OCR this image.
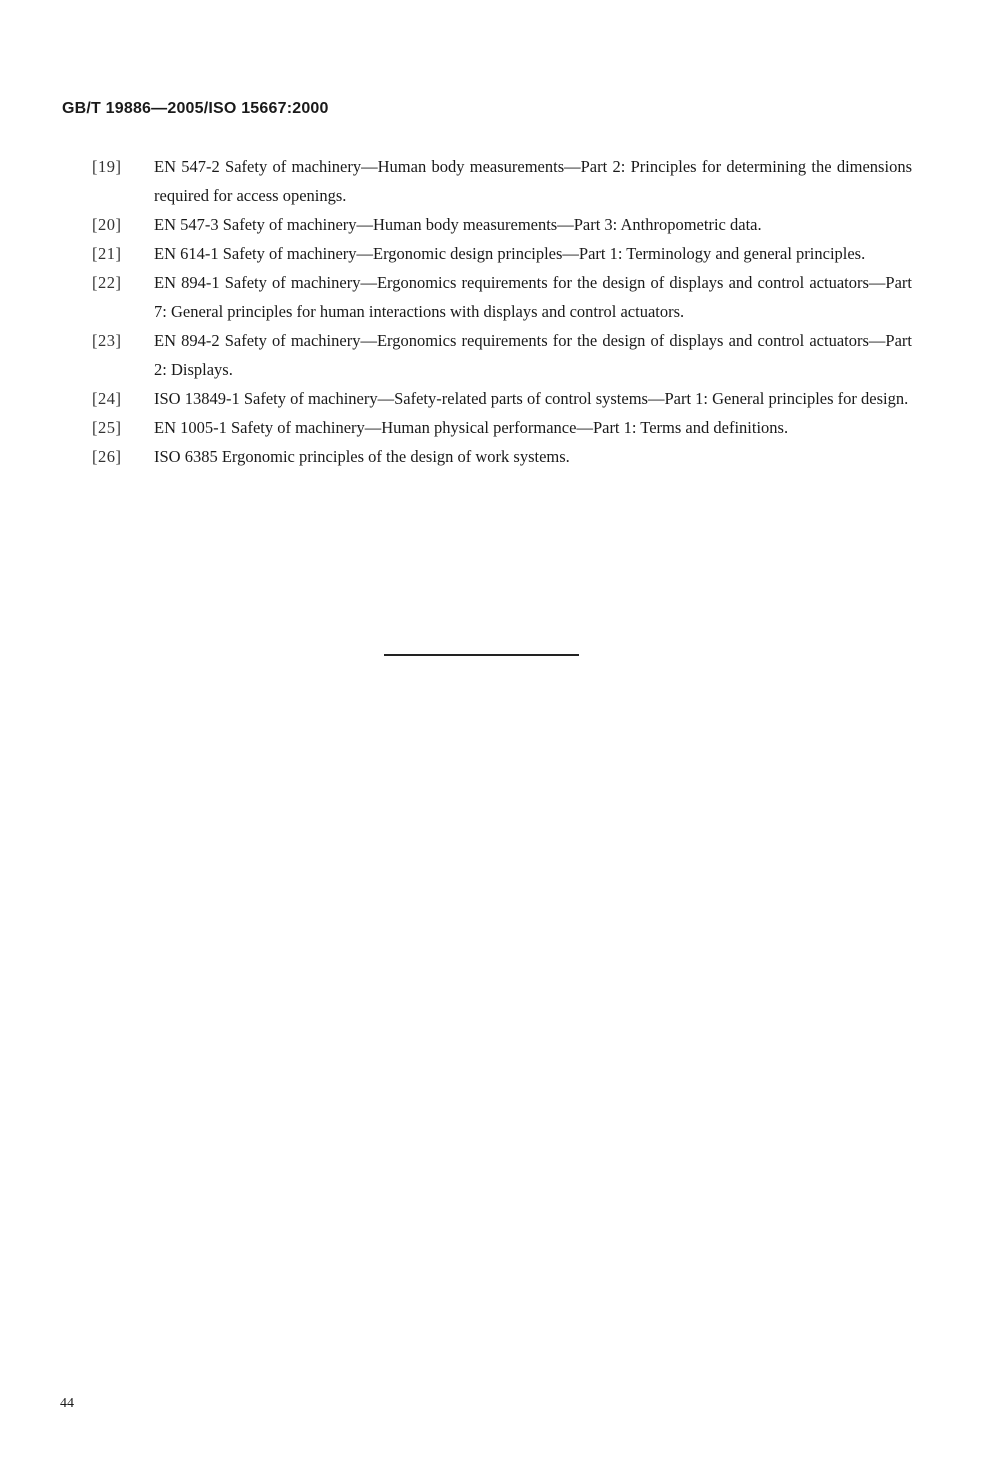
GB/T 19886—2005/ISO 15667:2000
[19] EN 547-2 Safety of machinery—Human body measurements—Part 2: Principles for determining the dimensions required for access openings.
[20] EN 547-3 Safety of machinery—Human body measurements—Part 3: Anthropometric data.
[21] EN 614-1 Safety of machinery—Ergonomic design principles—Part 1: Terminology and general principles.
[22] EN 894-1 Safety of machinery—Ergonomics requirements for the design of displays and control actuators—Part 7: General principles for human interactions with displays and control actuators.
[23] EN 894-2 Safety of machinery—Ergonomics requirements for the design of displays and control actuators—Part 2: Displays.
[24] ISO 13849-1 Safety of machinery—Safety-related parts of control systems—Part 1: General principles for design.
[25] EN 1005-1 Safety of machinery—Human physical performance—Part 1: Terms and definitions.
[26] ISO 6385 Ergonomic principles of the design of work systems.
44
